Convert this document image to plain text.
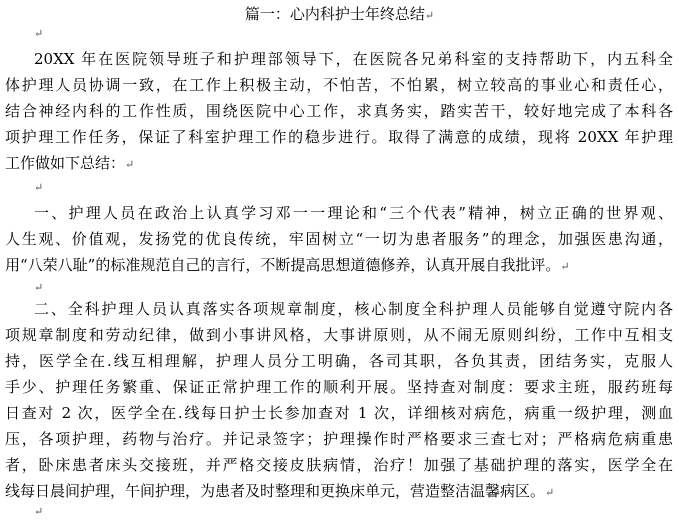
篇一：心内科护士年终总结↵
↵
20XX 年在医院领导班子和护理部领导下，在医院各兄弟科室的支持帮助下，内五科全
体护理人员协调一致，在工作上积极主动，不怕苦，不怕累，树立较高的事业心和责任心，
结合神经内科的工作性质，围绕医院中心工作，求真务实，踏实苦干，较好地完成了本科各
项护理工作任务，保证了科室护理工作的稳步进行。取得了满意的成绩，现将 20XX 年护理
工作做如下总结：↵
↵
一、护理人员在政治上认真学习邓一一理论和“三个代表”精神，树立正确的世界观、
人生观、价值观，发扬党的优良传统，牢固树立“一切为患者服务”的理念，加强医患沟通，
用“八荣八耻”的标准规范自己的言行，不断提高思想道德修养，认真开展自我批评。↵
↵
二、全科护理人员认真落实各项规章制度，核心制度全科护理人员能够自觉遵守院内各
项规章制度和劳动纪律，做到小事讲风格，大事讲原则，从不闹无原则纠纷，工作中互相支
持，医学全在.线互相理解，护理人员分工明确，各司其职，各负其责，团结务实，克服人
手少、护理任务繁重、保证正常护理工作的顺利开展。坚持查对制度：要求主班，服药班每
日查对 2 次，医学全在.线每日护士长参加查对 1 次，详细核对病危，病重一级护理，测血
压，各项护理，药物与治疗。并记录签字；护理操作时严格要求三查七对；严格病危病重患
者，卧床患者床头交接班，并严格交接皮肤病情，治疗！加强了基础护理的落实，医学全在
线每日晨间护理，午间护理，为患者及时整理和更换床单元，营造整洁温馨病区。↵
↵
